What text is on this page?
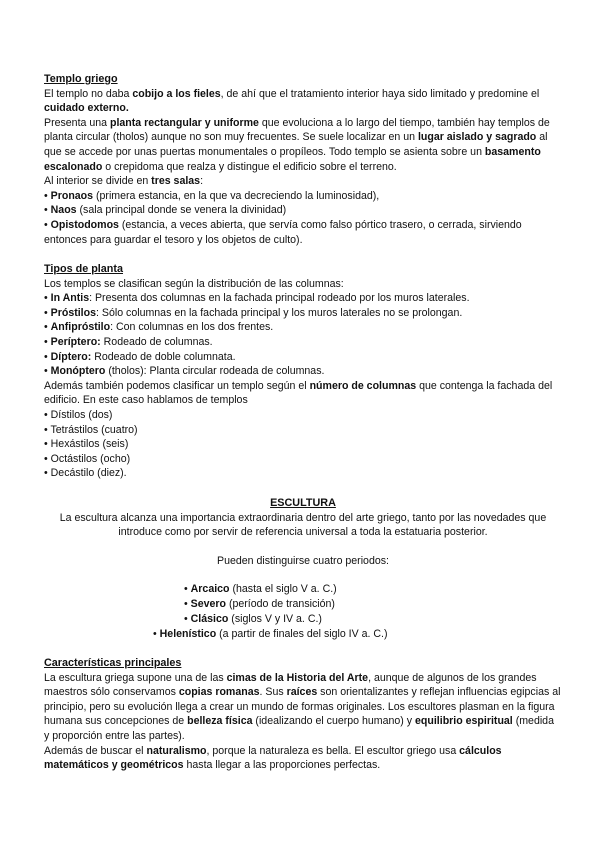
Templo griego

El templo no daba cobijo a los fieles, de ahí que el tratamiento interior haya sido limitado y predomine el cuidado externo.

Presenta una planta rectangular y uniforme que evoluciona a lo largo del tiempo, también hay templos de planta circular (tholos) aunque no son muy frecuentes. Se suele localizar en un lugar aislado y sagrado al que se accede por unas puertas monumentales o propíleos. Todo templo se asienta sobre un basamento escalonado o crepidoma que realza y distingue el edificio sobre el terreno.

Al interior se divide en tres salas:

• Pronaos (primera estancia, en la que va decreciendo la luminosidad),

• Naos (sala principal donde se venera la divinidad)

• Opistodomos (estancia, a veces abierta, que servía como falso pórtico trasero, o cerrada, sirviendo entonces para guardar el tesoro y los objetos de culto).

Tipos de planta

Los templos se clasifican según la distribución de las columnas:

• In Antis: Presenta dos columnas en la fachada principal rodeado por los muros laterales.

• Próstilos: Sólo columnas en la fachada principal y los muros laterales no se prolongan.

• Anfipróstilo: Con columnas en los dos frentes.

• Períptero: Rodeado de columnas.

• Díptero: Rodeado de doble columnata.

• Monóptero (tholos): Planta circular rodeada de columnas.

Además también podemos clasificar un templo según el número de columnas que contenga la fachada del edificio. En este caso hablamos de templos

• Dístilos (dos)

• Tetrástilos (cuatro)

• Hexástilos (seis)

• Octástilos (ocho)

• Decástilo (diez).

ESCULTURA

La escultura alcanza una importancia extraordinaria dentro del arte griego, tanto por las novedades que introduce como por servir de referencia universal a toda la estatuaria posterior.

Pueden distinguirse cuatro periodos:

• Arcaico (hasta el siglo V a. C.)

• Severo (período de transición)

• Clásico (siglos V y IV a. C.)

• Helenístico (a partir de finales del siglo IV a. C.)

Características principales

La escultura griega supone una de las cimas de la Historia del Arte, aunque de algunos de los grandes maestros sólo conservamos copias romanas. Sus raíces son orientalizantes y reflejan influencias egipcias al principio, pero su evolución llega a crear un mundo de formas originales. Los escultores plasman en la figura humana sus concepciones de belleza física (idealizando el cuerpo humano) y equilibrio espiritual (medida y proporción entre las partes).

Además de buscar el naturalismo, porque la naturaleza es bella. El escultor griego usa cálculos matemáticos y geométricos hasta llegar a las proporciones perfectas.
